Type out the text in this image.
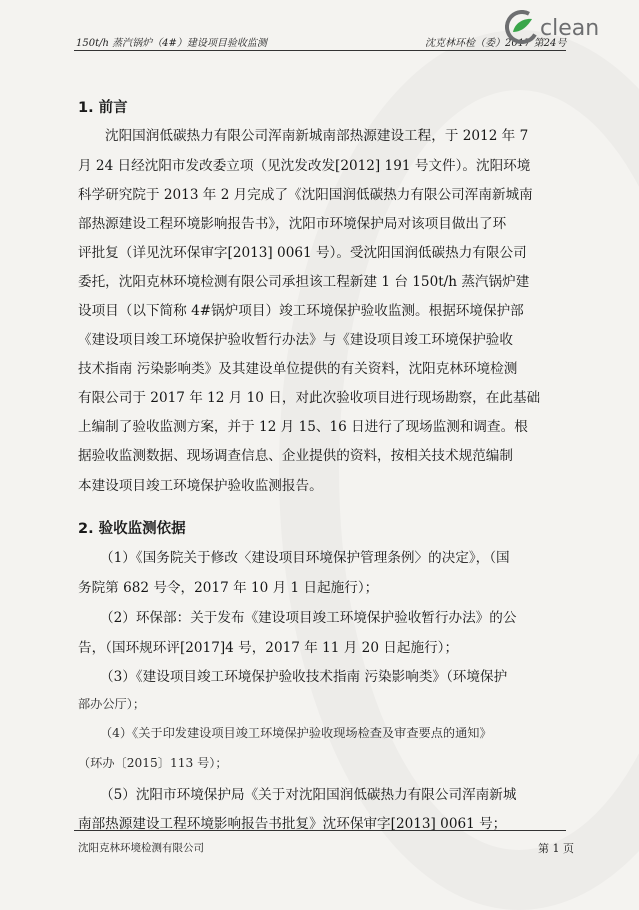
150t/h 蒸汽锅炉（4#）建设项目验收监测	沈克林环检（委）2017 第24号
clean
1. 前言
沈阳国润低碳热力有限公司浑南新城南部热源建设工程，于 2012 年 7
月 24 日经沈阳市发改委立项（见沈发改发[2012] 191 号文件）。沈阳环境
科学研究院于 2013 年 2 月完成了《沈阳国润低碳热力有限公司浑南新城南
部热源建设工程环境影响报告书》，沈阳市环境保护局对该项目做出了环
评批复（详见沈环保审字[2013] 0061 号）。受沈阳国润低碳热力有限公司
委托，沈阳克林环境检测有限公司承担该工程新建 1 台 150t/h 蒸汽锅炉建
设项目（以下简称 4#锅炉项目）竣工环境保护验收监测。根据环境保护部
《建设项目竣工环境保护验收暂行办法》与《建设项目竣工环境保护验收
技术指南 污染影响类》及其建设单位提供的有关资料，沈阳克林环境检测
有限公司于 2017 年 12 月 10 日，对此次验收项目进行现场勘察，在此基础
上编制了验收监测方案，并于 12 月 15、16 日进行了现场监测和调查。根
据验收监测数据、现场调查信息、企业提供的资料，按相关技术规范编制
本建设项目竣工环境保护验收监测报告。
2. 验收监测依据
（1）《国务院关于修改〈建设项目环境保护管理条例〉的决定》，（国
务院第 682 号令，2017 年 10 月 1 日起施行）；
（2）环保部：关于发布《建设项目竣工环境保护验收暂行办法》的公
告，（国环规环评[2017]4 号，2017 年 11 月 20 日起施行）；
（3）《建设项目竣工环境保护验收技术指南 污染影响类》（环境保护
部办公厅）；
（4）《关于印发建设项目竣工环境保护验收现场检查及审查要点的通知》
（环办〔2015〕113 号）；
（5）沈阳市环境保护局《关于对沈阳国润低碳热力有限公司浑南新城
南部热源建设工程环境影响报告书批复》沈环保审字[2013] 0061 号；
沈阳克林环境检测有限公司	第 1 页
